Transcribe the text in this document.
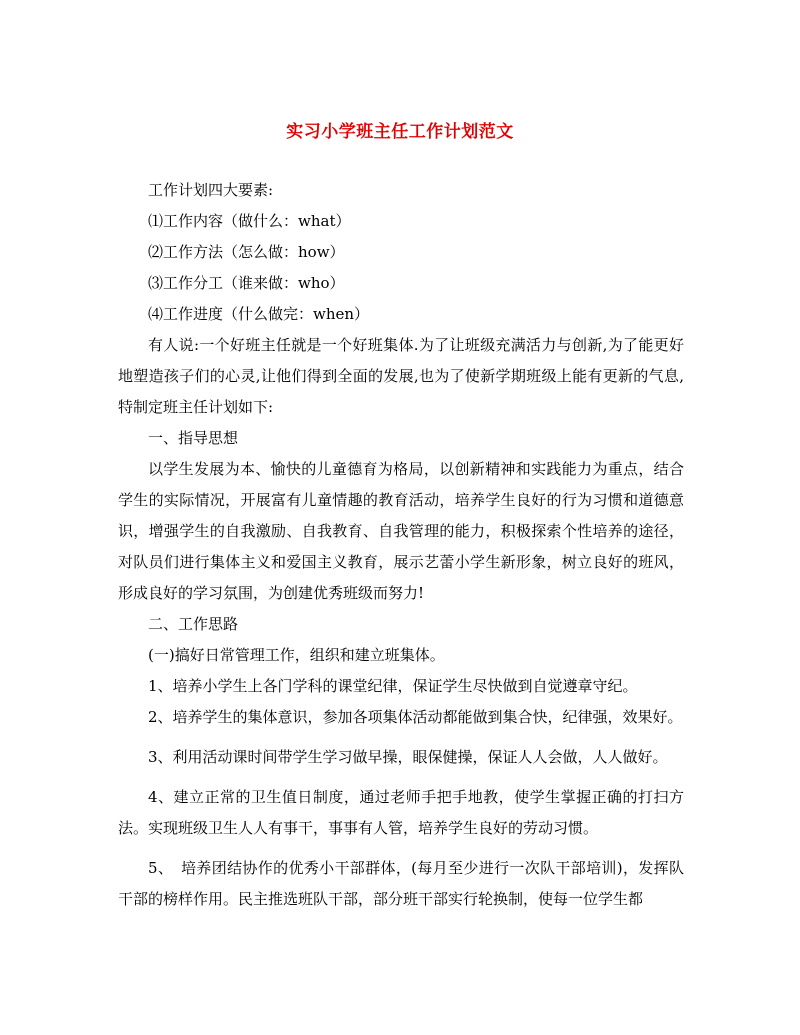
实习小学班主任工作计划范文

工作计划四大要素:

⑴工作内容（做什么：what）

⑵工作方法（怎么做：how）

⑶工作分工（谁来做：who）

⑷工作进度（什么做完：when）

有人说:一个好班主任就是一个好班集体.为了让班级充满活力与创新,为了能更好地塑造孩子们的心灵,让他们得到全面的发展,也为了使新学期班级上能有更新的气息,特制定班主任计划如下:

一、指导思想

以学生发展为本、愉快的儿童德育为格局，以创新精神和实践能力为重点，结合学生的实际情况，开展富有儿童情趣的教育活动，培养学生良好的行为习惯和道德意识，增强学生的自我激励、自我教育、自我管理的能力，积极探索个性培养的途径，对队员们进行集体主义和爱国主义教育，展示艺蕾小学生新形象，树立良好的班风，形成良好的学习氛围，为创建优秀班级而努力!

二、工作思路

(一)搞好日常管理工作，组织和建立班集体。

1、培养小学生上各门学科的课堂纪律，保证学生尽快做到自觉遵章守纪。

2、培养学生的集体意识，参加各项集体活动都能做到集合快，纪律强，效果好。

3、利用活动课时间带学生学习做早操，眼保健操，保证人人会做，人人做好。

4、建立正常的卫生值日制度，通过老师手把手地教，使学生掌握正确的打扫方法。实现班级卫生人人有事干，事事有人管，培养学生良好的劳动习惯。

5、　培养团结协作的优秀小干部群体，(每月至少进行一次队干部培训)，发挥队干部的榜样作用。民主推选班队干部，部分班干部实行轮换制，使每一位学生都
